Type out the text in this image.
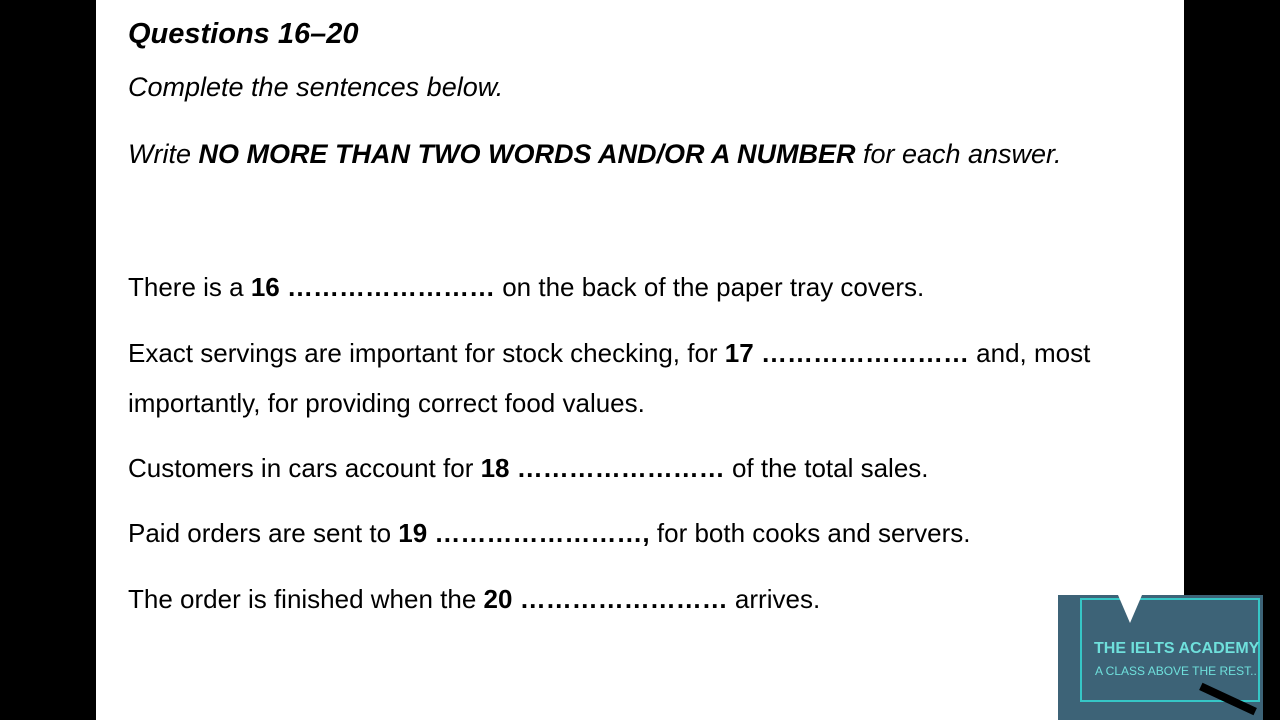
Questions 16–20
Complete the sentences below.
Write NO MORE THAN TWO WORDS AND/OR A NUMBER for each answer.
There is a 16 …………………… on the back of the paper tray covers.
Exact servings are important for stock checking, for 17 …………………… and, most
importantly, for providing correct food values.
Customers in cars account for 18 …………………… of the total sales.
Paid orders are sent to 19 ……………………, for both cooks and servers.
The order is finished when the 20 …………………… arrives.
THE IELTS ACADEMY
A CLASS ABOVE THE REST..
